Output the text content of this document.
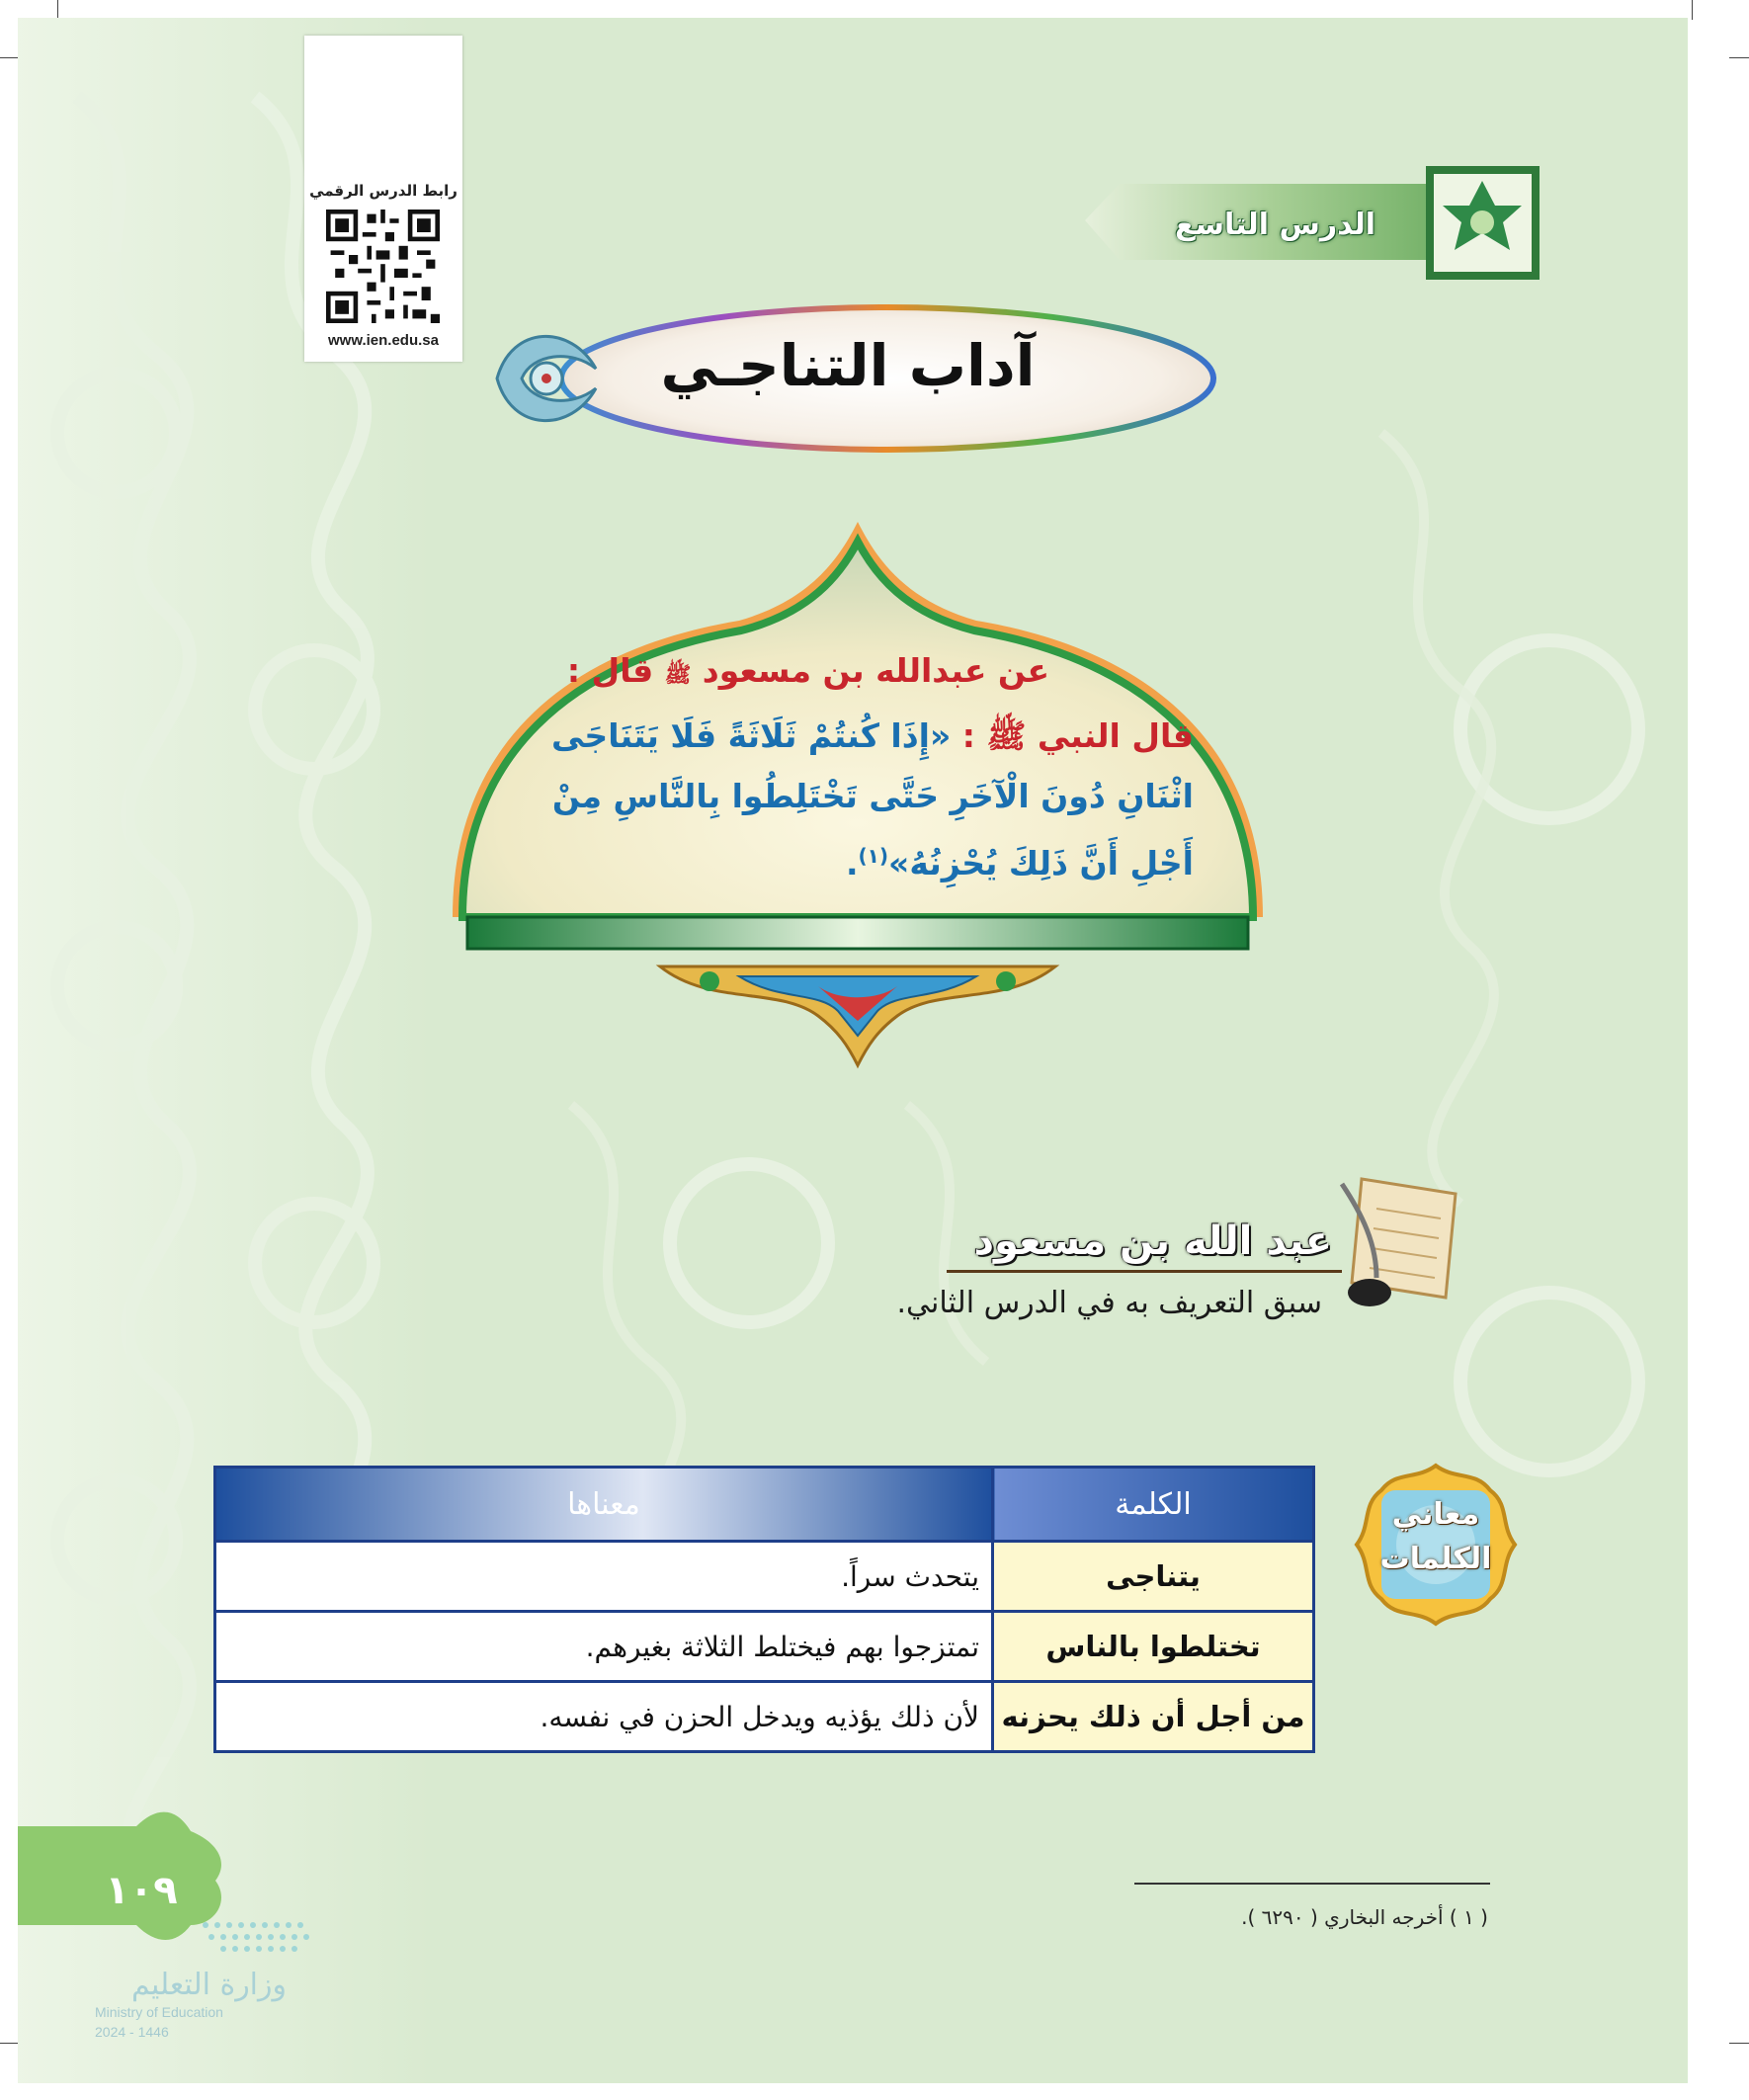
رابط الدرس الرقمي
www.ien.edu.sa
الدرس التاسع
آداب التناجـي
عن عبدالله بن مسعود ﷺ قال :
قال النبي ﷺ : «إِذَا كُنتُمْ ثَلَاثَةً فَلَا يَتَنَاجَى اثْنَانِ دُونَ الْآخَرِ حَتَّى تَخْتَلِطُوا بِالنَّاسِ مِنْ أَجْلِ أَنَّ ذَلِكَ يُحْزِنُهُ»$^{(١)}$.
عبد الله بن مسعود
سبق التعريف به في الدرس الثاني.
معاني
الكلمات
الكلمة	معناها
يتناجى	يتحدث سراً.
تختلطوا بالناس	تمتزجوا بهم فيختلط الثلاثة بغيرهم.
من أجل أن ذلك يحزنه	لأن ذلك يؤذيه ويدخل الحزن في نفسه.
( ١ ) أخرجه البخاري ( ٦٢٩٠ ).
١٠٩
وزارة التعليم
Ministry of Education
2024 - 1446
